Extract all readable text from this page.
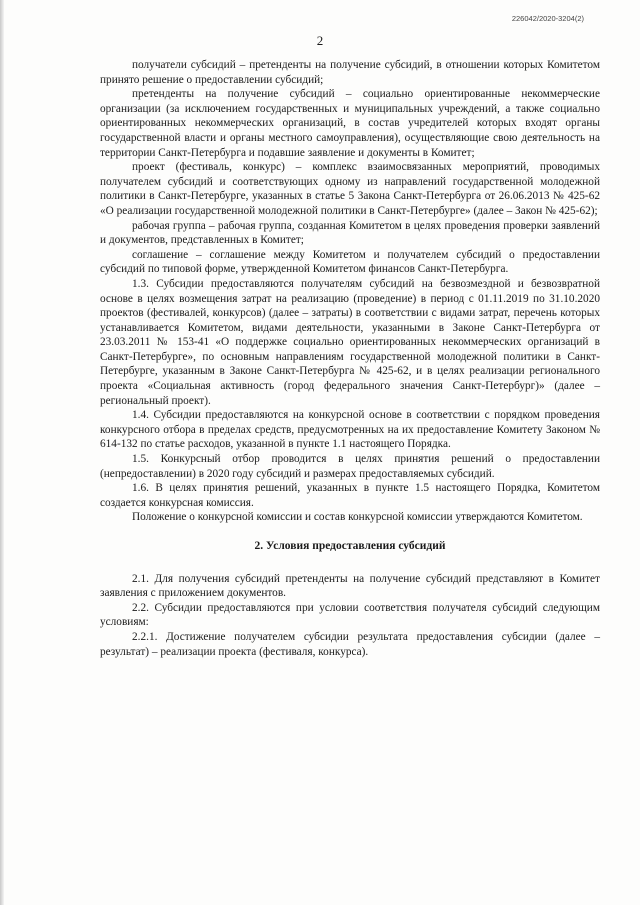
226042/2020-3204(2)
2

получатели субсидий – претенденты на получение субсидий, в отношении которых Комитетом принято решение о предоставлении субсидий;

претенденты на получение субсидий – социально ориентированные некоммерческие организации (за исключением государственных и муниципальных учреждений, а также социально ориентированных некоммерческих организаций, в состав учредителей которых входят органы государственной власти и органы местного самоуправления), осуществляющие свою деятельность на территории Санкт-Петербурга и подавшие заявление и документы в Комитет;

проект (фестиваль, конкурс) – комплекс взаимосвязанных мероприятий, проводимых получателем субсидий и соответствующих одному из направлений государственной молодежной политики в Санкт-Петербурге, указанных в статье 5 Закона Санкт-Петербурга от 26.06.2013 № 425-62 «О реализации государственной молодежной политики в Санкт-Петербурге» (далее – Закон № 425-62);

рабочая группа – рабочая группа, созданная Комитетом в целях проведения проверки заявлений и документов, представленных в Комитет;

соглашение – соглашение между Комитетом и получателем субсидий о предоставлении субсидий по типовой форме, утвержденной Комитетом финансов Санкт-Петербурга.

1.3. Субсидии предоставляются получателям субсидий на безвозмездной и безвозвратной основе в целях возмещения затрат на реализацию (проведение) в период с 01.11.2019 по 31.10.2020 проектов (фестивалей, конкурсов) (далее – затраты) в соответствии с видами затрат, перечень которых устанавливается Комитетом, видами деятельности, указанными в Законе Санкт-Петербурга от 23.03.2011 № 153-41 «О поддержке социально ориентированных некоммерческих организаций в Санкт-Петербурге», по основным направлениям государственной молодежной политики в Санкт-Петербурге, указанным в Законе Санкт-Петербурга № 425-62, и в целях реализации регионального проекта «Социальная активность (город федерального значения Санкт-Петербург)» (далее – региональный проект).

1.4. Субсидии предоставляются на конкурсной основе в соответствии с порядком проведения конкурсного отбора в пределах средств, предусмотренных на их предоставление Комитету Законом № 614-132 по статье расходов, указанной в пункте 1.1 настоящего Порядка.

1.5. Конкурсный отбор проводится в целях принятия решений о предоставлении (непредоставлении) в 2020 году субсидий и размерах предоставляемых субсидий.

1.6. В целях принятия решений, указанных в пункте 1.5 настоящего Порядка, Комитетом создается конкурсная комиссия.

Положение о конкурсной комиссии и состав конкурсной комиссии утверждаются Комитетом.

2. Условия предоставления субсидий

2.1. Для получения субсидий претенденты на получение субсидий представляют в Комитет заявления с приложением документов.

2.2. Субсидии предоставляются при условии соответствия получателя субсидий следующим условиям:

2.2.1. Достижение получателем субсидии результата предоставления субсидии (далее – результат) – реализации проекта (фестиваля, конкурса).
